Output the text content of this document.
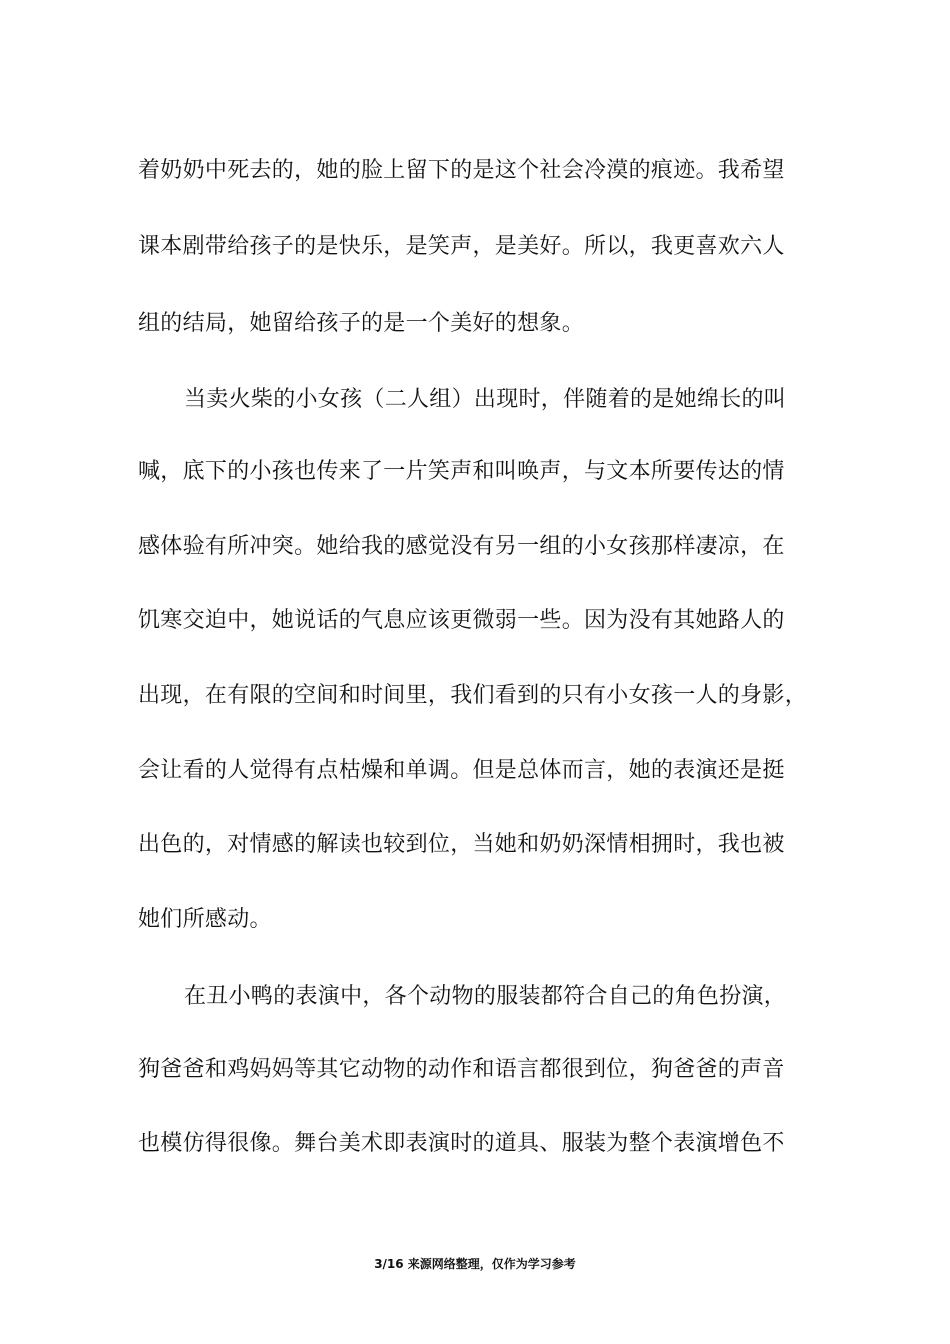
着奶奶中死去的，她的脸上留下的是这个社会冷漠的痕迹。我希望
课本剧带给孩子的是快乐，是笑声，是美好。所以，我更喜欢六人
组的结局，她留给孩子的是一个美好的想象。
当卖火柴的小女孩（二人组）出现时，伴随着的是她绵长的叫
喊，底下的小孩也传来了一片笑声和叫唤声，与文本所要传达的情
感体验有所冲突。她给我的感觉没有另一组的小女孩那样凄凉，在
饥寒交迫中，她说话的气息应该更微弱一些。因为没有其她路人的
出现，在有限的空间和时间里，我们看到的只有小女孩一人的身影，
会让看的人觉得有点枯燥和单调。但是总体而言，她的表演还是挺
出色的，对情感的解读也较到位，当她和奶奶深情相拥时，我也被
她们所感动。
在丑小鸭的表演中，各个动物的服装都符合自己的角色扮演，
狗爸爸和鸡妈妈等其它动物的动作和语言都很到位，狗爸爸的声音
也模仿得很像。舞台美术即表演时的道具、服装为整个表演增色不
3/16 来源网络整理，仅作为学习参考
